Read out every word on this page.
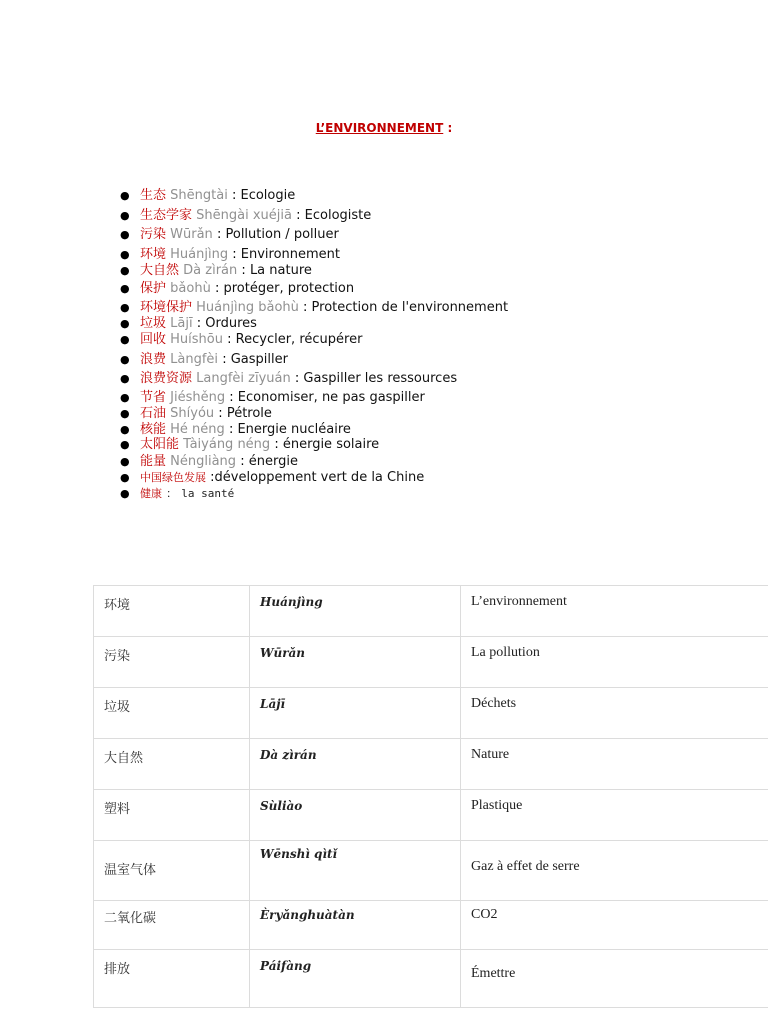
L’ENVIRONNEMENT :
● 生态 Shēngtài : Ecologie
● 生态学家 Shēngài xuéjiā : Ecologiste
● 污染 Wūrǎn : Pollution / polluer
● 环境 Huánjìng : Environnement
● 大自然 Dà zìrán : La nature
● 保护 bǎohù : protéger, protection
● 环境保护 Huánjìng bǎohù : Protection de l'environnement
● 垃圾 Lājī : Ordures
● 回收 Huíshōu : Recycler, récupérer
● 浪费 Làngfèi : Gaspiller
● 浪费资源 Langfèi zīyuán : Gaspiller les ressources
● 节省 Jiéshěng : Economiser, ne pas gaspiller
● 石油 Shíyóu : Pétrole
● 核能 Hé néng : Energie nucléaire
● 太阳能 Tàiyáng néng : énergie solaire
● 能量 Néngliàng : énergie
● 中国绿色发展 :développement vert de la Chine
● 健康 ： la santé
环境	Huánjìng	L’environnement
污染	Wūrǎn	La pollution
垃圾	Lājī	Déchets
大自然	Dà zìrán	Nature
塑料	Sùliào	Plastique
温室气体	Wēnshì qìtǐ	Gaz à effet de serre
二氧化碳	Èryǎnghuàtàn	CO2
排放	Páifàng	Émettre
